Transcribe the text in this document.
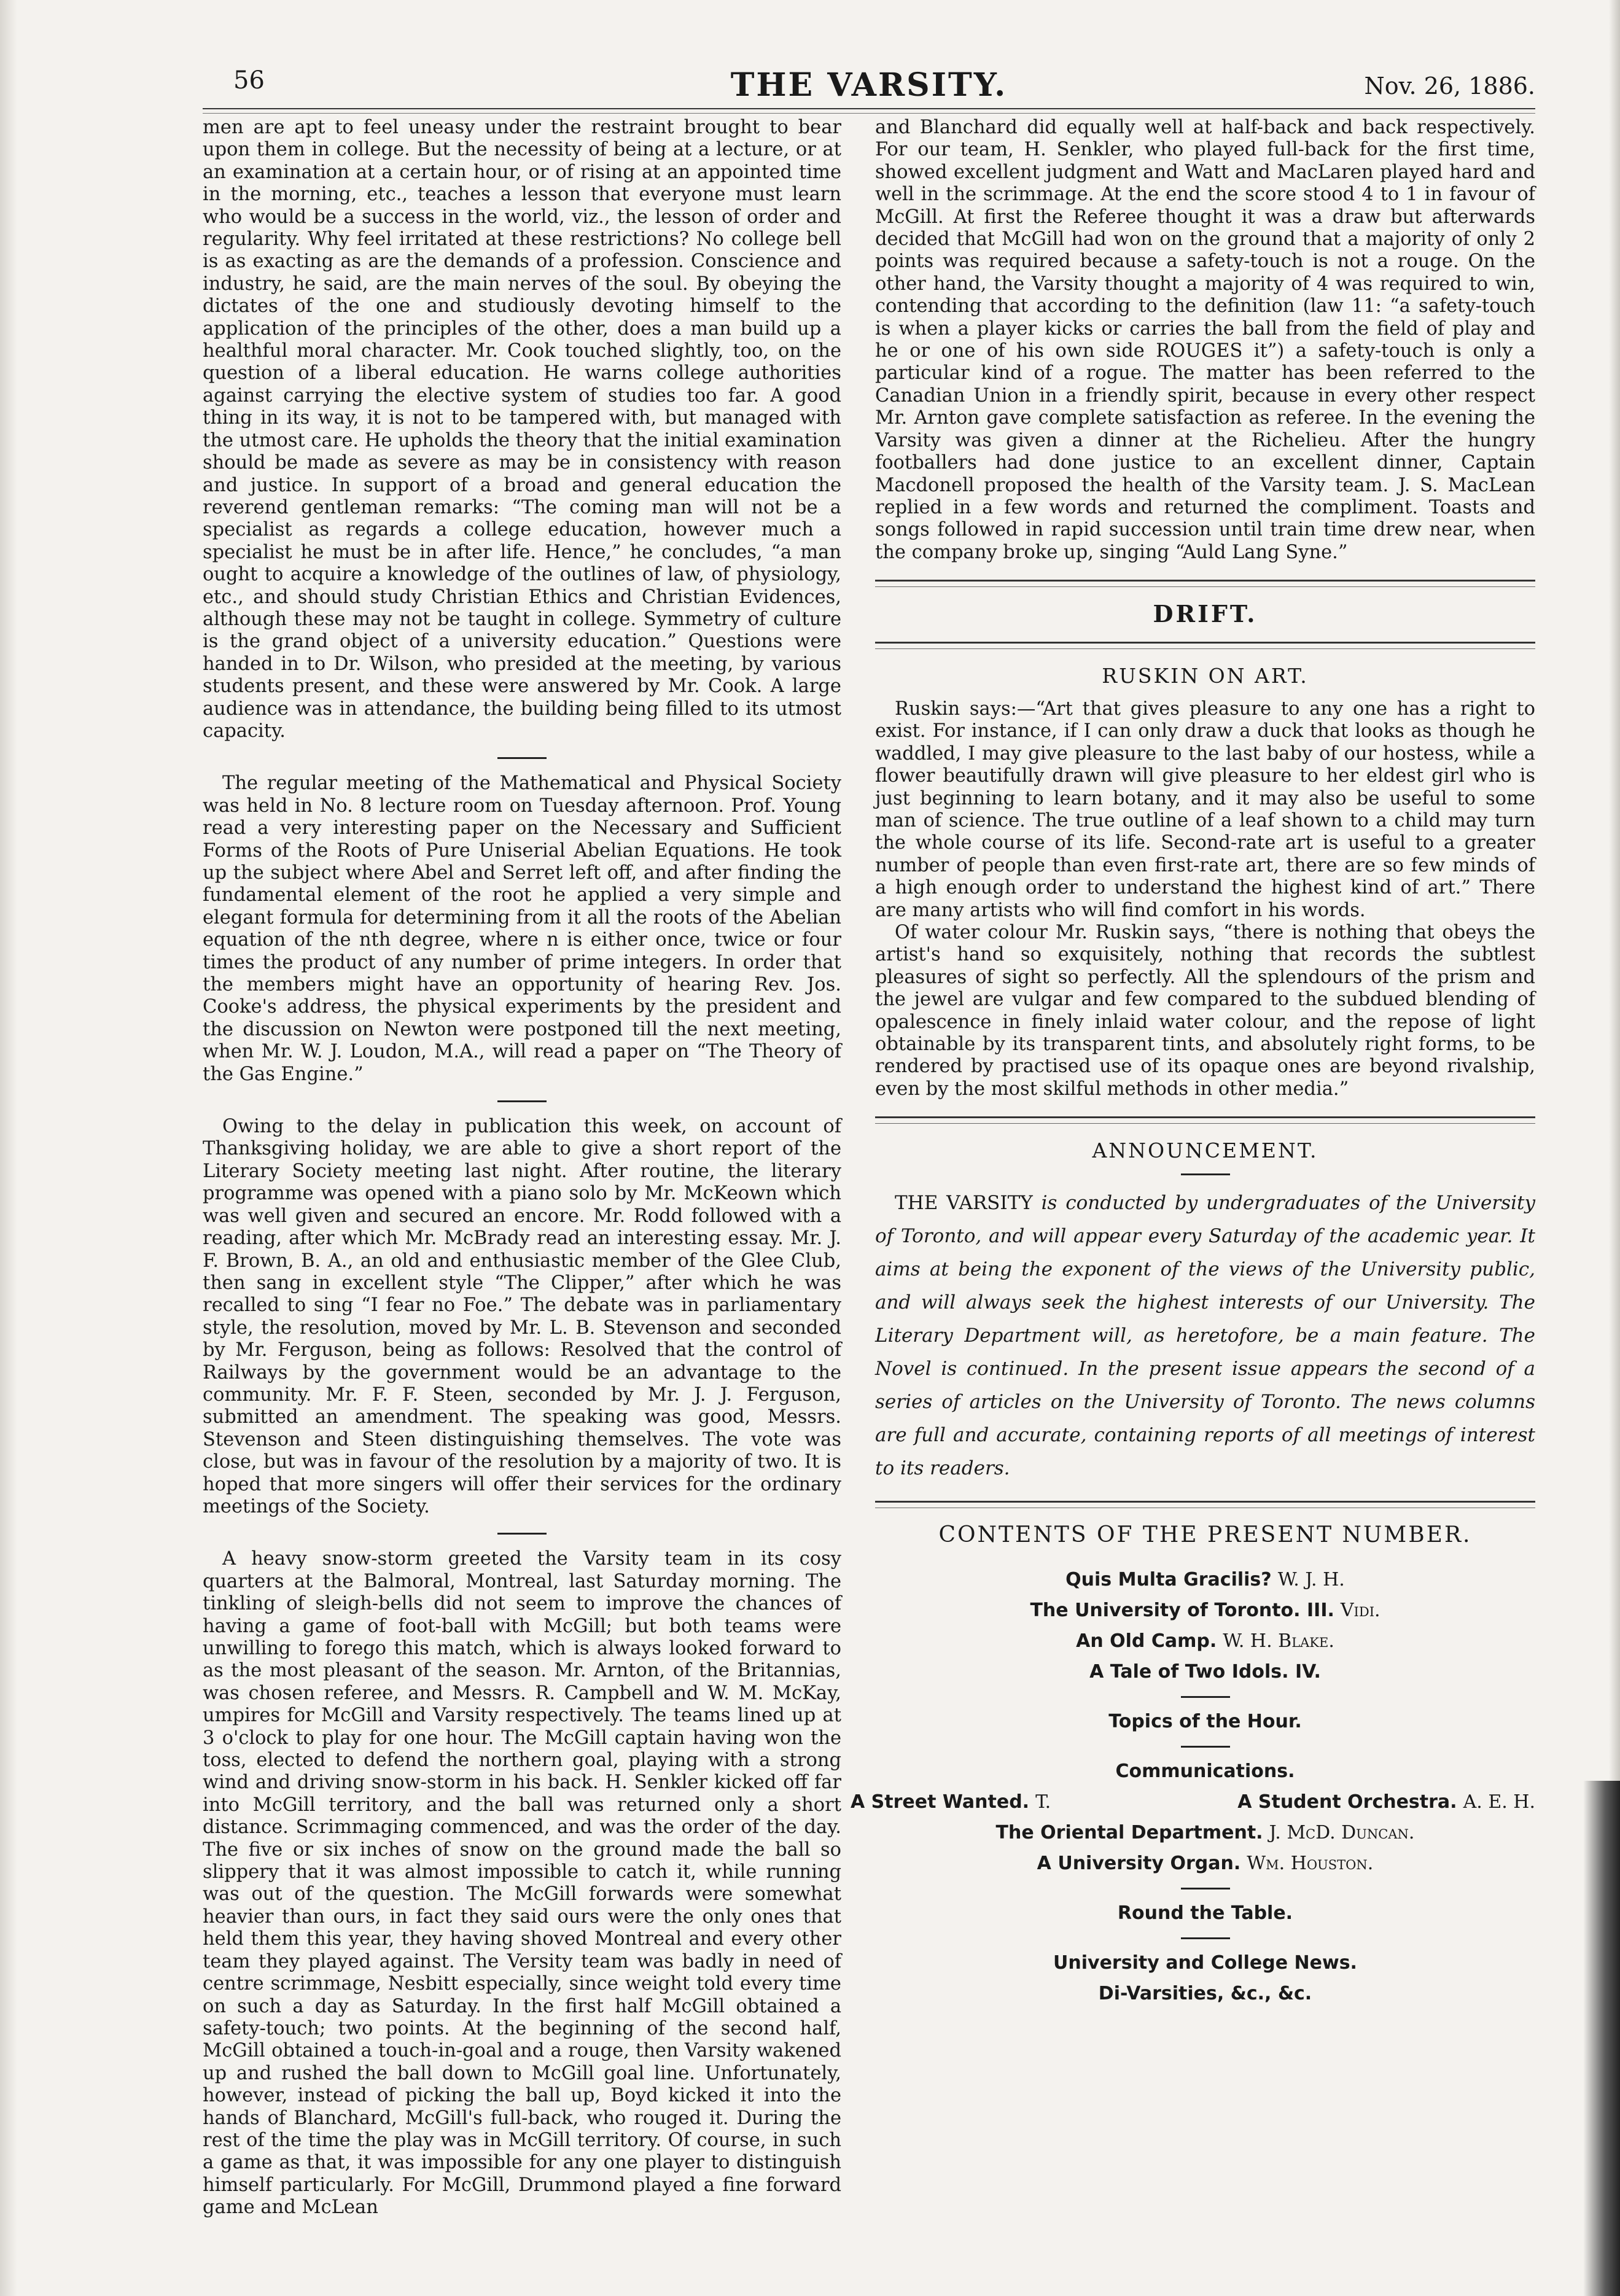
56	THE VARSITY.	Nov. 26, 1886.

men are apt to feel uneasy under the restraint brought to bear upon them in college. But the necessity of being at a lecture, or at an examination at a certain hour, or of rising at an appointed time in the morning, etc., teaches a lesson that everyone must learn who would be a success in the world, viz., the lesson of order and regularity. Why feel irritated at these restrictions? No college bell is as exacting as are the demands of a profession. Conscience and industry, he said, are the main nerves of the soul. By obeying the dictates of the one and studiously devoting himself to the application of the principles of the other, does a man build up a healthful moral character. Mr. Cook touched slightly, too, on the question of a liberal education. He warns college authorities against carrying the elective system of studies too far. A good thing in its way, it is not to be tampered with, but managed with the utmost care. He upholds the theory that the initial examination should be made as severe as may be in consistency with reason and justice. In support of a broad and general education the reverend gentleman remarks: “The coming man will not be a specialist as regards a college education, however much a specialist he must be in after life. Hence,” he concludes, “a man ought to acquire a knowledge of the outlines of law, of physiology, etc., and should study Christian Ethics and Christian Evidences, although these may not be taught in college. Symmetry of culture is the grand object of a university education.” Questions were handed in to Dr. Wilson, who presided at the meeting, by various students present, and these were answered by Mr. Cook. A large audience was in attendance, the building being filled to its utmost capacity.

The regular meeting of the Mathematical and Physical Society was held in No. 8 lecture room on Tuesday afternoon. Prof. Young read a very interesting paper on the Necessary and Sufficient Forms of the Roots of Pure Uniserial Abelian Equations. He took up the subject where Abel and Serret left off, and after finding the fundamental element of the root he applied a very simple and elegant formula for determining from it all the roots of the Abelian equation of the nth degree, where n is either once, twice or four times the product of any number of prime integers. In order that the members might have an opportunity of hearing Rev. Jos. Cooke's address, the physical experiments by the president and the discussion on Newton were postponed till the next meeting, when Mr. W. J. Loudon, M.A., will read a paper on “The Theory of the Gas Engine.”

Owing to the delay in publication this week, on account of Thanksgiving holiday, we are able to give a short report of the Literary Society meeting last night. After routine, the literary programme was opened with a piano solo by Mr. McKeown which was well given and secured an encore. Mr. Rodd followed with a reading, after which Mr. McBrady read an interesting essay. Mr. J. F. Brown, B. A., an old and enthusiastic member of the Glee Club, then sang in excellent style “The Clipper,” after which he was recalled to sing “I fear no Foe.” The debate was in parliamentary style, the resolution, moved by Mr. L. B. Stevenson and seconded by Mr. Ferguson, being as follows: Resolved that the control of Railways by the government would be an advantage to the community. Mr. F. F. Steen, seconded by Mr. J. J. Ferguson, submitted an amendment. The speaking was good, Messrs. Stevenson and Steen distinguishing themselves. The vote was close, but was in favour of the resolution by a majority of two. It is hoped that more singers will offer their services for the ordinary meetings of the Society.

A heavy snow-storm greeted the Varsity team in its cosy quarters at the Balmoral, Montreal, last Saturday morning. The tinkling of sleigh-bells did not seem to improve the chances of having a game of foot-ball with McGill; but both teams were unwilling to forego this match, which is always looked forward to as the most pleasant of the season. Mr. Arnton, of the Britannias, was chosen referee, and Messrs. R. Campbell and W. M. McKay, umpires for McGill and Varsity respectively. The teams lined up at 3 o'clock to play for one hour. The McGill captain having won the toss, elected to defend the northern goal, playing with a strong wind and driving snow-storm in his back. H. Senkler kicked off far into McGill territory, and the ball was returned only a short distance. Scrimmaging commenced, and was the order of the day. The five or six inches of snow on the ground made the ball so slippery that it was almost impossible to catch it, while running was out of the question. The McGill forwards were somewhat heavier than ours, in fact they said ours were the only ones that held them this year, they having shoved Montreal and every other team they played against. The Versity team was badly in need of centre scrimmage, Nesbitt especially, since weight told every time on such a day as Saturday. In the first half McGill obtained a safety-touch; two points. At the beginning of the second half, McGill obtained a touch-in-goal and a rouge, then Varsity wakened up and rushed the ball down to McGill goal line. Unfortunately, however, instead of picking the ball up, Boyd kicked it into the hands of Blanchard, McGill's full-back, who rouged it. During the rest of the time the play was in McGill territory. Of course, in such a game as that, it was impossible for any one player to distinguish himself particularly. For McGill, Drummond played a fine forward game and McLean

and Blanchard did equally well at half-back and back respectively. For our team, H. Senkler, who played full-back for the first time, showed excellent judgment and Watt and MacLaren played hard and well in the scrimmage. At the end the score stood 4 to 1 in favour of McGill. At first the Referee thought it was a draw but afterwards decided that McGill had won on the ground that a majority of only 2 points was required because a safety-touch is not a rouge. On the other hand, the Varsity thought a majority of 4 was required to win, contending that according to the definition (law 11: “a safety-touch is when a player kicks or carries the ball from the field of play and he or one of his own side ROUGES it”) a safety-touch is only a particular kind of a rogue. The matter has been referred to the Canadian Union in a friendly spirit, because in every other respect Mr. Arnton gave complete satisfaction as referee. In the evening the Varsity was given a dinner at the Richelieu. After the hungry footballers had done justice to an excellent dinner, Captain Macdonell proposed the health of the Varsity team. J. S. MacLean replied in a few words and returned the compliment. Toasts and songs followed in rapid succession until train time drew near, when the company broke up, singing “Auld Lang Syne.”

DRIFT.
RUSKIN ON ART.

Ruskin says:—“Art that gives pleasure to any one has a right to exist. For instance, if I can only draw a duck that looks as though he waddled, I may give pleasure to the last baby of our hostess, while a flower beautifully drawn will give pleasure to her eldest girl who is just beginning to learn botany, and it may also be useful to some man of science. The true outline of a leaf shown to a child may turn the whole course of its life. Second-rate art is useful to a greater number of people than even first-rate art, there are so few minds of a high enough order to understand the highest kind of art.” There are many artists who will find comfort in his words.

Of water colour Mr. Ruskin says, “there is nothing that obeys the artist's hand so exquisitely, nothing that records the subtlest pleasures of sight so perfectly. All the splendours of the prism and the jewel are vulgar and few compared to the subdued blending of opalescence in finely inlaid water colour, and the repose of light obtainable by its transparent tints, and absolutely right forms, to be rendered by practised use of its opaque ones are beyond rivalship, even by the most skilful methods in other media.”

ANNOUNCEMENT.

THE VARSITY is conducted by undergraduates of the University of Toronto, and will appear every Saturday of the academic year. It aims at being the exponent of the views of the University public, and will always seek the highest interests of our University. The Literary Department will, as heretofore, be a main feature. The Novel is continued. In the present issue appears the second of a series of articles on the University of Toronto. The news columns are full and accurate, containing reports of all meetings of interest to its readers.

CONTENTS OF THE PRESENT NUMBER.
Quis Multa Gracilis? W. J. H.
The University of Toronto. III. Vidi.
An Old Camp. W. H. Blake.
A Tale of Two Idols. IV.
Topics of the Hour.
Communications.
A Street Wanted. T.	A Student Orchestra. A. E. H.
The Oriental Department. J. McD. Duncan.
A University Organ. Wm. Houston.
Round the Table.
University and College News.
Di-Varsities, &c., &c.
